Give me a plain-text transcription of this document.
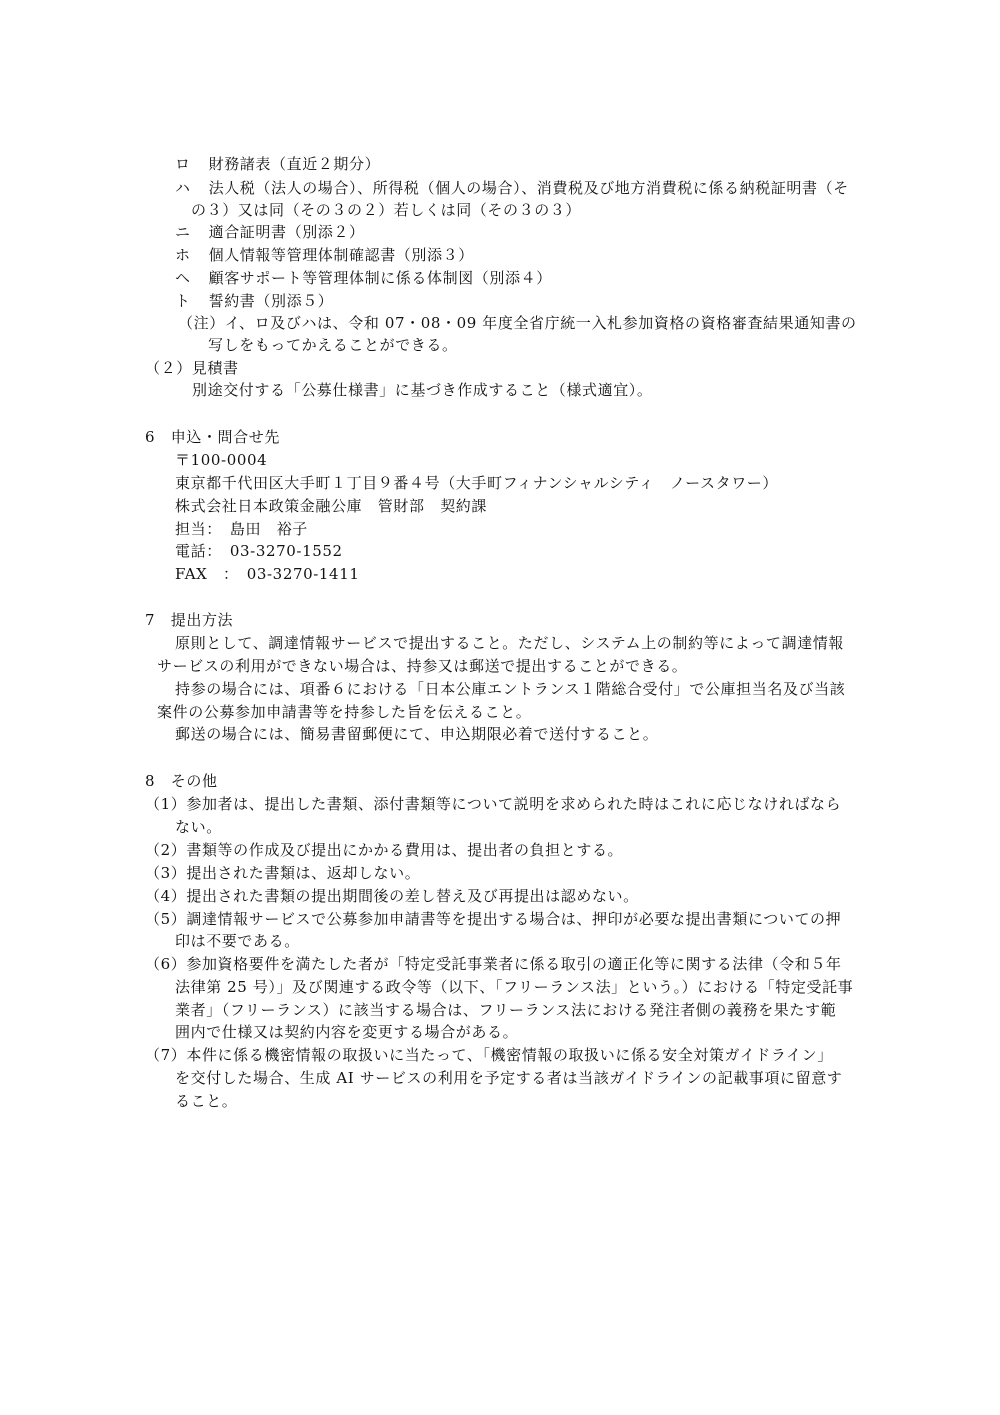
ロ 財務諸表（直近２期分）
ハ 法人税（法人の場合）、所得税（個人の場合）、消費税及び地方消費税に係る納税証明書（そ
の３）又は同（その３の２）若しくは同（その３の３）
ニ 適合証明書（別添２）
ホ 個人情報等管理体制確認書（別添３）
ヘ 顧客サポート等管理体制に係る体制図（別添４）
ト 誓約書（別添５）
（注）イ、ロ及びハは、令和 07・08・09 年度全省庁統一入札参加資格の資格審査結果通知書の
写しをもってかえることができる。
（２）見積書
別途交付する「公募仕様書」に基づき作成すること（様式適宜）。
6　申込・問合せ先
〒100-0004
東京都千代田区大手町１丁目９番４号（大手町フィナンシャルシティ　ノースタワー）
株式会社日本政策金融公庫　管財部　契約課
担当：　島田　裕子
電話：　03-3270-1552
FAX　：　03-3270-1411
7　提出方法
原則として、調達情報サービスで提出すること。ただし、システム上の制約等によって調達情報
サービスの利用ができない場合は、持参又は郵送で提出することができる。
持参の場合には、項番６における「日本公庫エントランス１階総合受付」で公庫担当名及び当該
案件の公募参加申請書等を持参した旨を伝えること。
郵送の場合には、簡易書留郵便にて、申込期限必着で送付すること。
8　その他
（1）参加者は、提出した書類、添付書類等について説明を求められた時はこれに応じなければなら
ない。
（2）書類等の作成及び提出にかかる費用は、提出者の負担とする。
（3）提出された書類は、返却しない。
（4）提出された書類の提出期間後の差し替え及び再提出は認めない。
（5）調達情報サービスで公募参加申請書等を提出する場合は、押印が必要な提出書類についての押
印は不要である。
（6）参加資格要件を満たした者が「特定受託事業者に係る取引の適正化等に関する法律（令和５年
法律第 25 号）」及び関連する政令等（以下、「フリーランス法」という。）における「特定受託事
業者」（フリーランス）に該当する場合は、フリーランス法における発注者側の義務を果たす範
囲内で仕様又は契約内容を変更する場合がある。
（7）本件に係る機密情報の取扱いに当たって、「機密情報の取扱いに係る安全対策ガイドライン」
を交付した場合、生成 AI サービスの利用を予定する者は当該ガイドラインの記載事項に留意す
ること。
